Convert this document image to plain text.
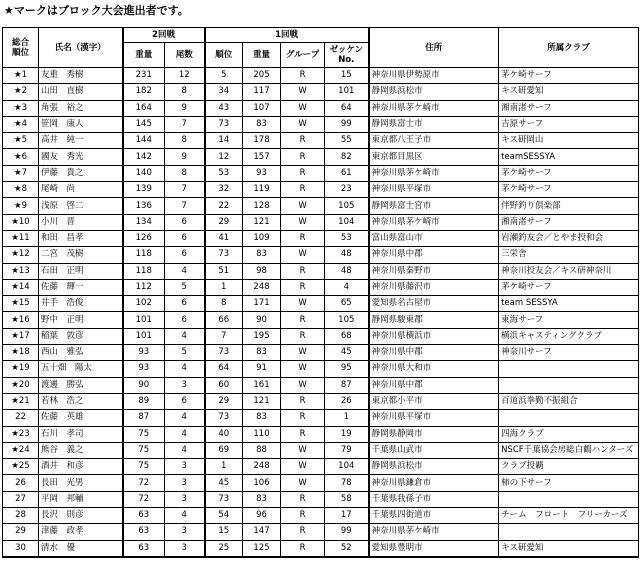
★マークはブロック大会進出者です。
総合
順位	氏名（漢字）	2回戦		1回戦				住所	所属クラブ
		重量	尾数	順位	重量	グループ	ゼッケン
No.		
★1	友重　秀樹	231	12	5	205	R	15	神奈川県伊勢原市	茅ケ崎サーフ
★2	山田　直樹	182	8	34	117	W	101	静岡県浜松市	キス研愛知
★3	角張　裕之	164	9	43	107	W	64	神奈川県茅ケ崎市	湘南渚サーフ
★4	笹岡　康人	145	7	73	83	W	99	静岡県富士市	吉原サーフ
★5	高井　純一	144	8	14	178	R	55	東京都八王子市	キス研岡山
★6	國友　秀光	142	9	12	157	R	82	東京都目黒区	teamSESSYA
★7	伊藤　貴之	140	8	53	93	R	61	神奈川県茅ケ崎市	茅ケ崎サーフ
★8	尾崎　尚	139	7	32	119	R	23	神奈川県平塚市	茅ケ崎サーフ
★9	浅原　啓二	136	7	22	128	W	105	静岡県富士宮市	伴野釣り倶楽部
★10	小川　晋	134	6	29	121	W	104	神奈川県茅ケ崎市	湘南渚サーフ
★11	和田　昌孝	126	6	41	109	R	53	富山県富山市	岩瀬釣友会／とやま投和会
★12	二宮　茂樹	118	6	73	83	W	48	神奈川県中郡	三栄舎
★13	石田　正明	118	4	51	98	R	48	神奈川県秦野市	神奈川投友会／キス研神奈川
★14	佐藤　輝一	112	5	1	248	R	4	神奈川県藤沢市	茅ケ崎サーフ
★15	井手　浩俊	102	6	8	171	W	65	愛知県名古屋市	team SESSYA
★16	野中　正明	101	6	66	90	R	105	静岡県駿東郡	東海サーフ
★17	稲葉　敦彦	101	4	7	195	R	68	神奈川県横浜市	横浜キャスティングクラブ
★18	西山　雅弘	93	5	73	83	W	45	神奈川県中郡	神奈川サーフ
★19	五十畑　陽太	93	4	64	91	W	95	神奈川県大和市	
★20	渡邊　勝弘	90	3	60	161	W	87	神奈川県中郡	
★21	若林　浩之	89	6	29	121	R	26	東京都小平市	百道浜拳勤不振組合
22	佐藤　英雄	87	4	73	83	R	1	神奈川県平塚市	
★23	石川　孝司	75	4	40	110	R	19	静岡県静岡市	四海クラブ
★24	熊谷　義之	75	4	69	88	W	79	千葉県山武市	NSCF千葉協会房総白鶴ハンターズ
★25	酒井　和彦	75	3	1	248	W	104	静岡県浜松市	クラブ投覇
26	長田　光男	72	3	45	106	W	78	神奈川県鎌倉市	柿の下サーフ
27	平岡　邦輔	72	3	73	83	R	58	千葉県我孫子市	
28	長沢　則彦	63	4	54	96	R	17	千葉県四街道市	チーム　フロート　フリーカーズ
29	津藤　政孝	63	3	15	147	R	99	神奈川県茅ケ崎市	
30	清水　優	63	3	25	125	R	52	愛知県豊明市	キス研愛知
